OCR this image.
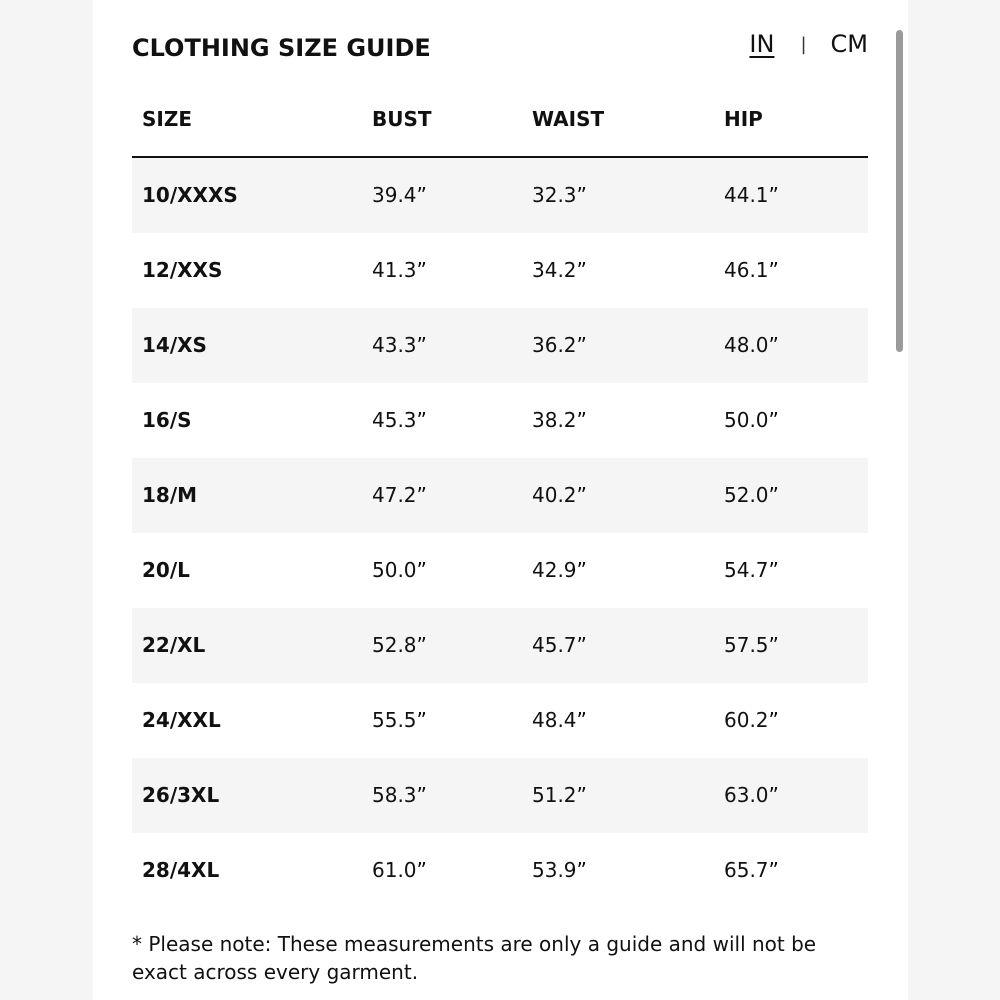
CLOTHING SIZE GUIDE	IN | CM
SIZE	BUST	WAIST	HIP
10/XXXS	39.4”	32.3”	44.1”
12/XXS	41.3”	34.2”	46.1”
14/XS	43.3”	36.2”	48.0”
16/S	45.3”	38.2”	50.0”
18/M	47.2”	40.2”	52.0”
20/L	50.0”	42.9”	54.7”
22/XL	52.8”	45.7”	57.5”
24/XXL	55.5”	48.4”	60.2”
26/3XL	58.3”	51.2”	63.0”
28/4XL	61.0”	53.9”	65.7”
* Please note: These measurements are only a guide and will not be exact across every garment.
